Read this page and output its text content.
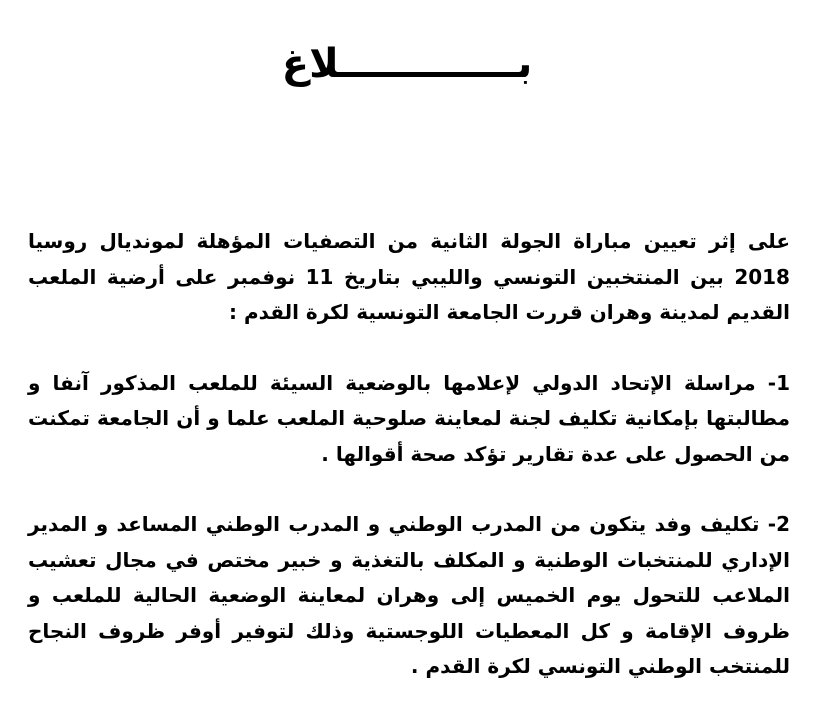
بـــــــــــــلاغ

على إثر تعيين مباراة الجولة الثانية من التصفيات المؤهلة لمونديال روسيا 2018 بين المنتخبين التونسي والليبي بتاريخ 11 نوفمبر على أرضية الملعب القديم لمدينة وهران قررت الجامعة التونسية لكرة القدم :

1- مراسلة الإتحاد الدولي لإعلامها بالوضعية السيئة للملعب المذكور آنفا و مطالبتها بإمكانية تكليف لجنة لمعاينة صلوحية الملعب علما و أن الجامعة تمكنت من الحصول على عدة تقارير تؤكد صحة أقوالها .

2- تكليف وفد يتكون من المدرب الوطني و المدرب الوطني المساعد و المدير الإداري للمنتخبات الوطنية و المكلف بالتغذية و خبير مختص في مجال تعشيب الملاعب للتحول يوم الخميس إلى وهران لمعاينة الوضعية الحالية للملعب و ظروف الإقامة و كل المعطيات اللوجستية وذلك لتوفير أوفر ظروف النجاح للمنتخب الوطني التونسي لكرة القدم .
